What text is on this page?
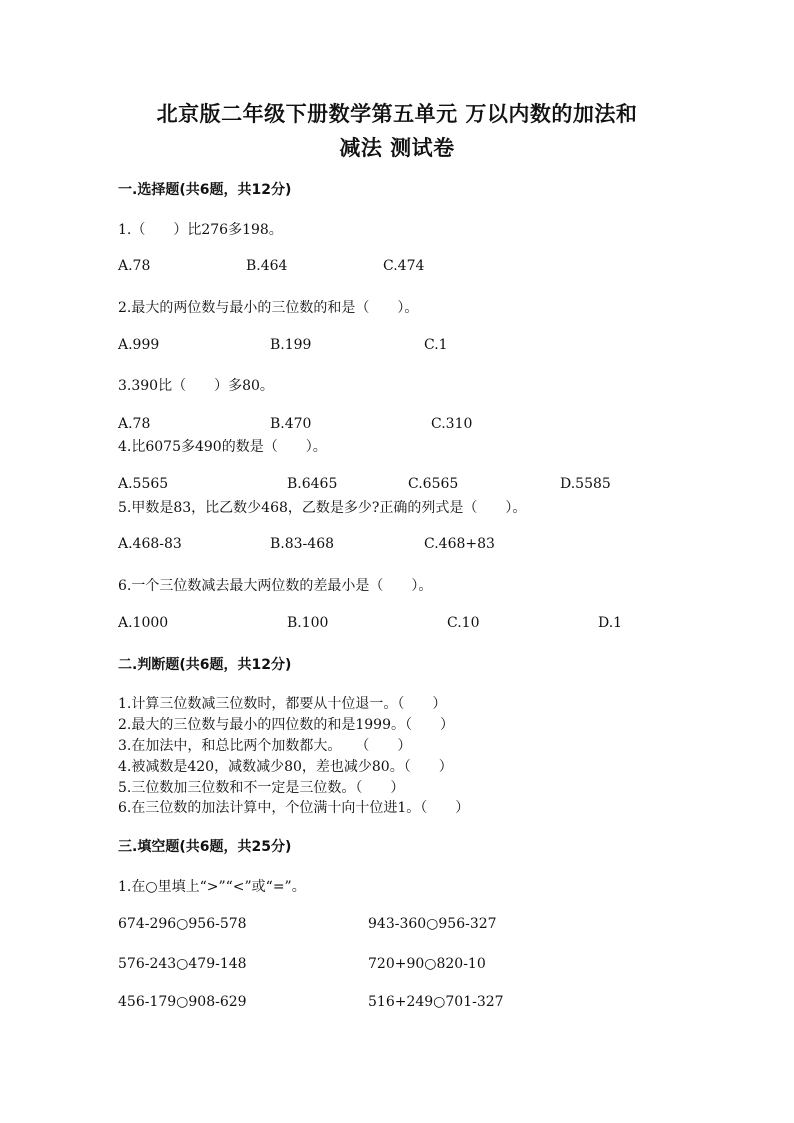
北京版二年级下册数学第五单元 万以内数的加法和
减法 测试卷
一.选择题(共6题，共12分)
1.（　　）比276多198。
A.78	B.464	C.474
2.最大的两位数与最小的三位数的和是（　　）。
A.999	B.199	C.1
3.390比（　　）多80。
A.78	B.470	C.310
4.比6075多490的数是（　　）。
A.5565	B.6465	C.6565	D.5585
5.甲数是83，比乙数少468，乙数是多少?正确的列式是（　　）。
A.468-83	B.83-468	C.468+83
6.一个三位数减去最大两位数的差最小是（　　）。
A.1000	B.100	C.10	D.1
二.判断题(共6题，共12分)
1.计算三位数减三位数时，都要从十位退一。（　　）
2.最大的三位数与最小的四位数的和是1999。（　　）
3.在加法中，和总比两个加数都大。　　（　　）
4.被减数是420，减数减少80，差也减少80。（　　）
5.三位数加三位数和不一定是三位数。（　　）
6.在三位数的加法计算中，个位满十向十位进1。（　　）
三.填空题(共6题，共25分)
1.在○里填上“>”“<”或“=”。
674-296○956-578	943-360○956-327
576-243○479-148	720+90○820-10
456-179○908-629	516+249○701-327
